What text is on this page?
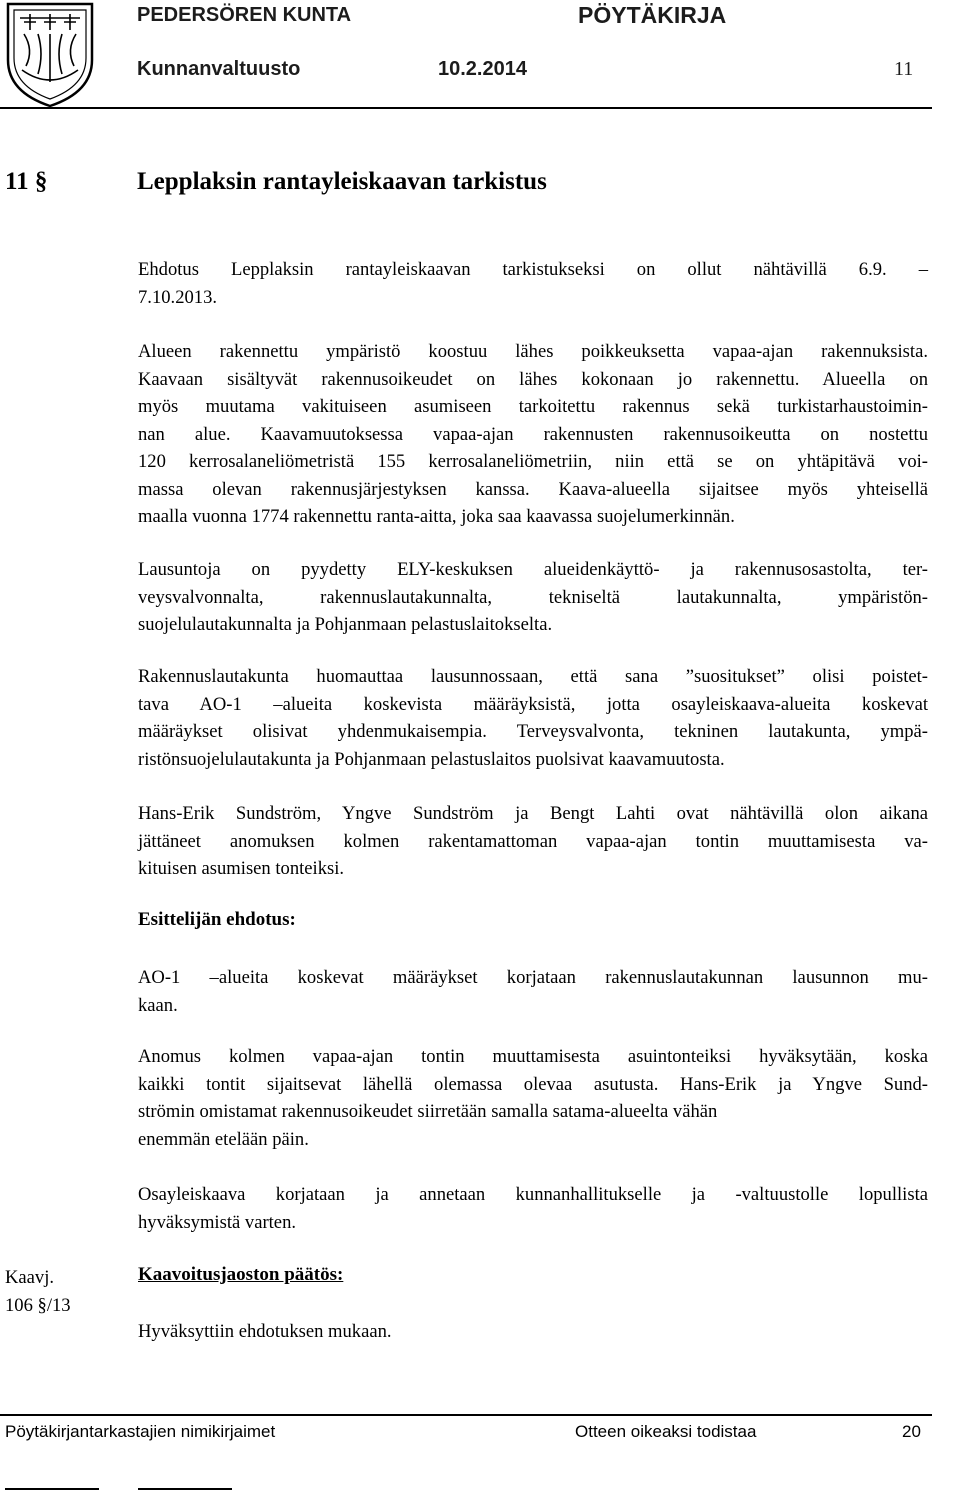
PEDERSÖREN KUNTA	PÖYTÄKIRJA
Kunnanvaltuusto	10.2.2014	11
11 §	Lepplaksin rantayleiskaavan tarkistus

Ehdotus Lepplaksin rantayleiskaavan tarkistukseksi on ollut nähtävillä 6.9. –
7.10.2013.

Alueen rakennettu ympäristö koostuu lähes poikkeuksetta vapaa-ajan rakennuksista.
Kaavaan sisältyvät rakennusoikeudet on lähes kokonaan jo rakennettu. Alueella on
myös muutama vakituiseen asumiseen tarkoitettu rakennus sekä turkistarhaustoimin-
nan alue. Kaavamuutoksessa vapaa-ajan rakennusten rakennusoikeutta on nostettu
120 kerrosalaneliömetristä 155 kerrosalaneliömetriin, niin että se on yhtäpitävä voi-
massa olevan rakennusjärjestyksen kanssa. Kaava-alueella sijaitsee myös yhteisellä
maalla vuonna 1774 rakennettu ranta-aitta, joka saa kaavassa suojelumerkinnän.

Lausuntoja on pyydetty ELY-keskuksen alueidenkäyttö- ja rakennusosastolta, ter-
veysvalvonnalta, rakennuslautakunnalta, tekniseltä lautakunnalta, ympäristön-
suojelulautakunnalta ja Pohjanmaan pelastuslaitokselta.

Rakennuslautakunta huomauttaa lausunnossaan, että sana ”suositukset” olisi poistet-
tava AO-1 –alueita koskevista määräyksistä, jotta osayleiskaava-alueita koskevat
määräykset olisivat yhdenmukaisempia. Terveysvalvonta, tekninen lautakunta, ympä-
ristönsuojelulautakunta ja Pohjanmaan pelastuslaitos puolsivat kaavamuutosta.

Hans-Erik Sundström, Yngve Sundström ja Bengt Lahti ovat nähtävillä olon aikana
jättäneet anomuksen kolmen rakentamattoman vapaa-ajan tontin muuttamisesta va-
kituisen asumisen tonteiksi.

Esittelijän ehdotus:

AO-1 –alueita koskevat määräykset korjataan rakennuslautakunnan lausunnon mu-
kaan.

Anomus kolmen vapaa-ajan tontin muuttamisesta asuintonteiksi hyväksytään, koska
kaikki tontit sijaitsevat lähellä olemassa olevaa asutusta. Hans-Erik ja Yngve Sund-
strömin omistamat rakennusoikeudet siirretään samalla satama-alueelta vähän
enemmän etelään päin.

Osayleiskaava korjataan ja annetaan kunnanhallitukselle ja -valtuustolle lopullista
hyväksymistä varten.

Kaavj.
106 §/13
Kaavoitusjaoston päätös:

Hyväksyttiin ehdotuksen mukaan.

Pöytäkirjantarkastajien nimikirjaimet	Otteen oikeaksi todistaa	20
